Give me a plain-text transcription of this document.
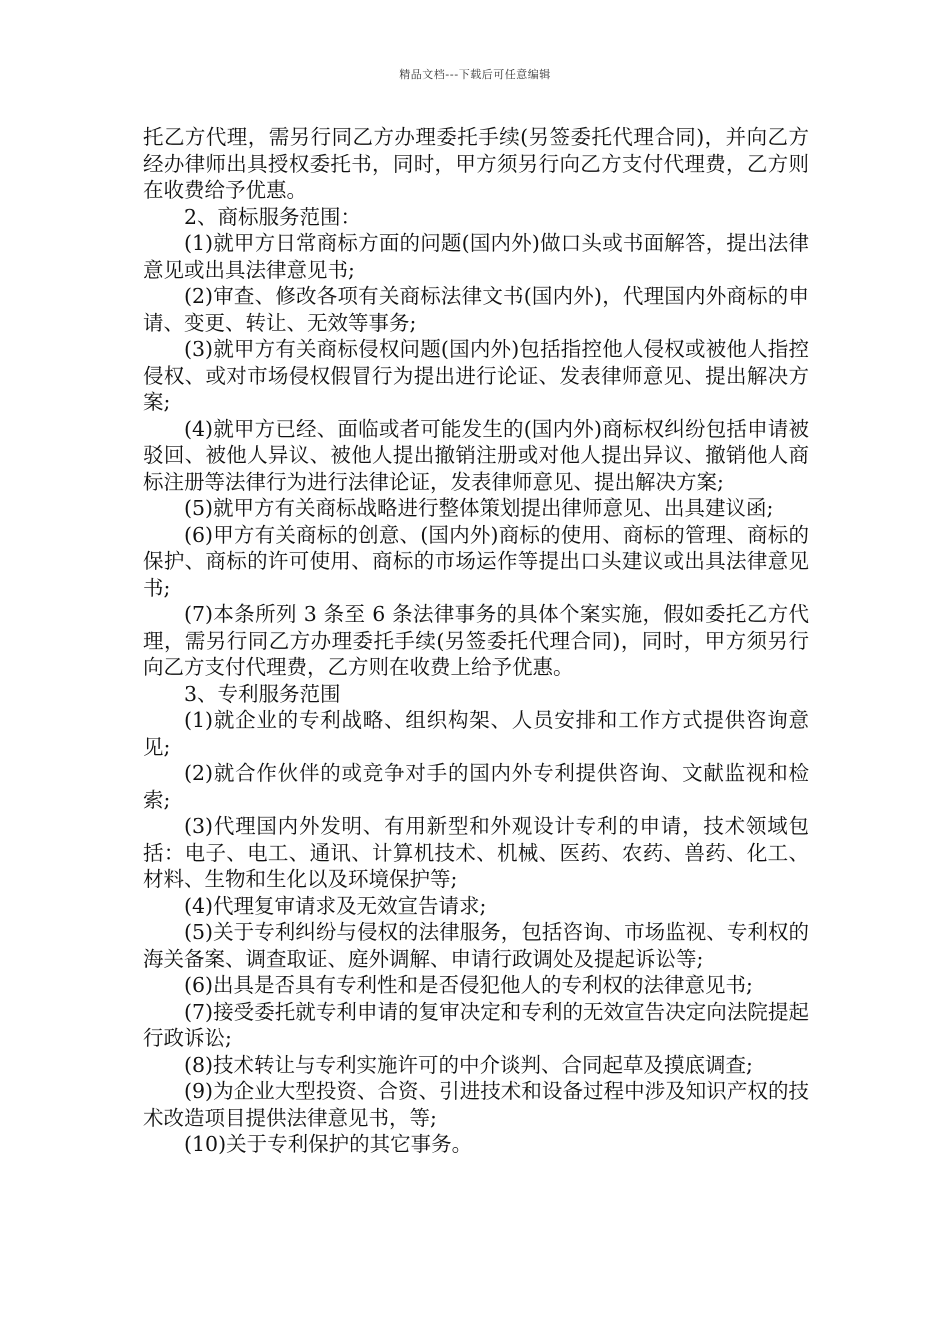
精品文档---下载后可任意编辑

托乙方代理，需另行同乙方办理委托手续(另签委托代理合同)，并向乙方经办律师出具授权委托书，同时，甲方须另行向乙方支付代理费，乙方则在收费给予优惠。

2、商标服务范围：

(1)就甲方日常商标方面的问题(国内外)做口头或书面解答，提出法律意见或出具法律意见书;

(2)审查、修改各项有关商标法律文书(国内外)，代理国内外商标的申请、变更、转让、无效等事务;

(3)就甲方有关商标侵权问题(国内外)包括指控他人侵权或被他人指控侵权、或对市场侵权假冒行为提出进行论证、发表律师意见、提出解决方案;

(4)就甲方已经、面临或者可能发生的(国内外)商标权纠纷包括申请被驳回、被他人异议、被他人提出撤销注册或对他人提出异议、撤销他人商标注册等法律行为进行法律论证，发表律师意见、提出解决方案;

(5)就甲方有关商标战略进行整体策划提出律师意见、出具建议函;

(6)甲方有关商标的创意、(国内外)商标的使用、商标的管理、商标的保护、商标的许可使用、商标的市场运作等提出口头建议或出具法律意见书;

(7)本条所列 3 条至 6 条法律事务的具体个案实施，假如委托乙方代理，需另行同乙方办理委托手续(另签委托代理合同)，同时，甲方须另行向乙方支付代理费，乙方则在收费上给予优惠。

3、专利服务范围

(1)就企业的专利战略、组织构架、人员安排和工作方式提供咨询意见;

(2)就合作伙伴的或竞争对手的国内外专利提供咨询、文献监视和检索;

(3)代理国内外发明、有用新型和外观设计专利的申请，技术领域包括：电子、电工、通讯、计算机技术、机械、医药、农药、兽药、化工、材料、生物和生化以及环境保护等;

(4)代理复审请求及无效宣告请求;

(5)关于专利纠纷与侵权的法律服务，包括咨询、市场监视、专利权的海关备案、调查取证、庭外调解、申请行政调处及提起诉讼等;

(6)出具是否具有专利性和是否侵犯他人的专利权的法律意见书;

(7)接受委托就专利申请的复审决定和专利的无效宣告决定向法院提起行政诉讼;

(8)技术转让与专利实施许可的中介谈判、合同起草及摸底调查;

(9)为企业大型投资、合资、引进技术和设备过程中涉及知识产权的技术改造项目提供法律意见书，等;

(10)关于专利保护的其它事务。
